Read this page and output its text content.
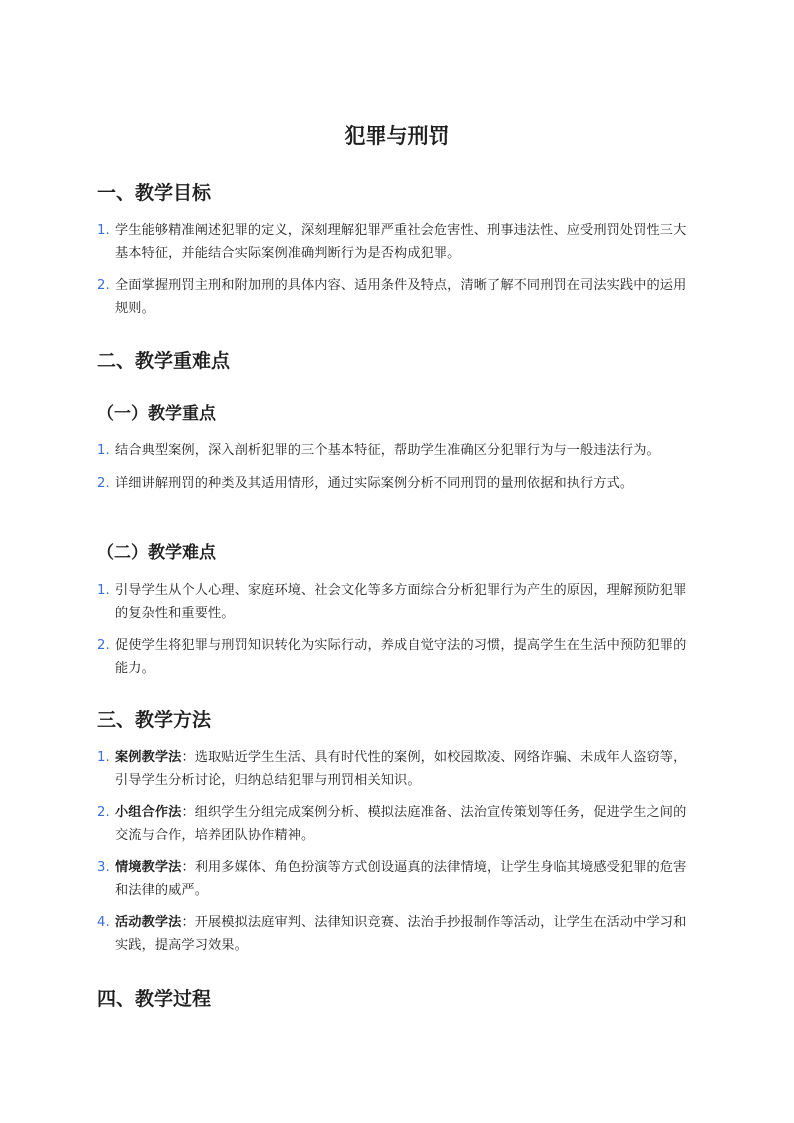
犯罪与刑罚
一、教学目标
1. 学生能够精准阐述犯罪的定义，深刻理解犯罪严重社会危害性、刑事违法性、应受刑罚处罚性三大基本特征，并能结合实际案例准确判断行为是否构成犯罪。
2. 全面掌握刑罚主刑和附加刑的具体内容、适用条件及特点，清晰了解不同刑罚在司法实践中的运用规则。
二、教学重难点
（一）教学重点
1. 结合典型案例，深入剖析犯罪的三个基本特征，帮助学生准确区分犯罪行为与一般违法行为。
2. 详细讲解刑罚的种类及其适用情形，通过实际案例分析不同刑罚的量刑依据和执行方式。
（二）教学难点
1. 引导学生从个人心理、家庭环境、社会文化等多方面综合分析犯罪行为产生的原因，理解预防犯罪的复杂性和重要性。
2. 促使学生将犯罪与刑罚知识转化为实际行动，养成自觉守法的习惯，提高学生在生活中预防犯罪的能力。
三、教学方法
1. 案例教学法：选取贴近学生生活、具有时代性的案例，如校园欺凌、网络诈骗、未成年人盗窃等，引导学生分析讨论，归纳总结犯罪与刑罚相关知识。
2. 小组合作法：组织学生分组完成案例分析、模拟法庭准备、法治宣传策划等任务，促进学生之间的交流与合作，培养团队协作精神。
3. 情境教学法：利用多媒体、角色扮演等方式创设逼真的法律情境，让学生身临其境感受犯罪的危害和法律的威严。
4. 活动教学法：开展模拟法庭审判、法律知识竞赛、法治手抄报制作等活动，让学生在活动中学习和实践，提高学习效果。
四、教学过程
